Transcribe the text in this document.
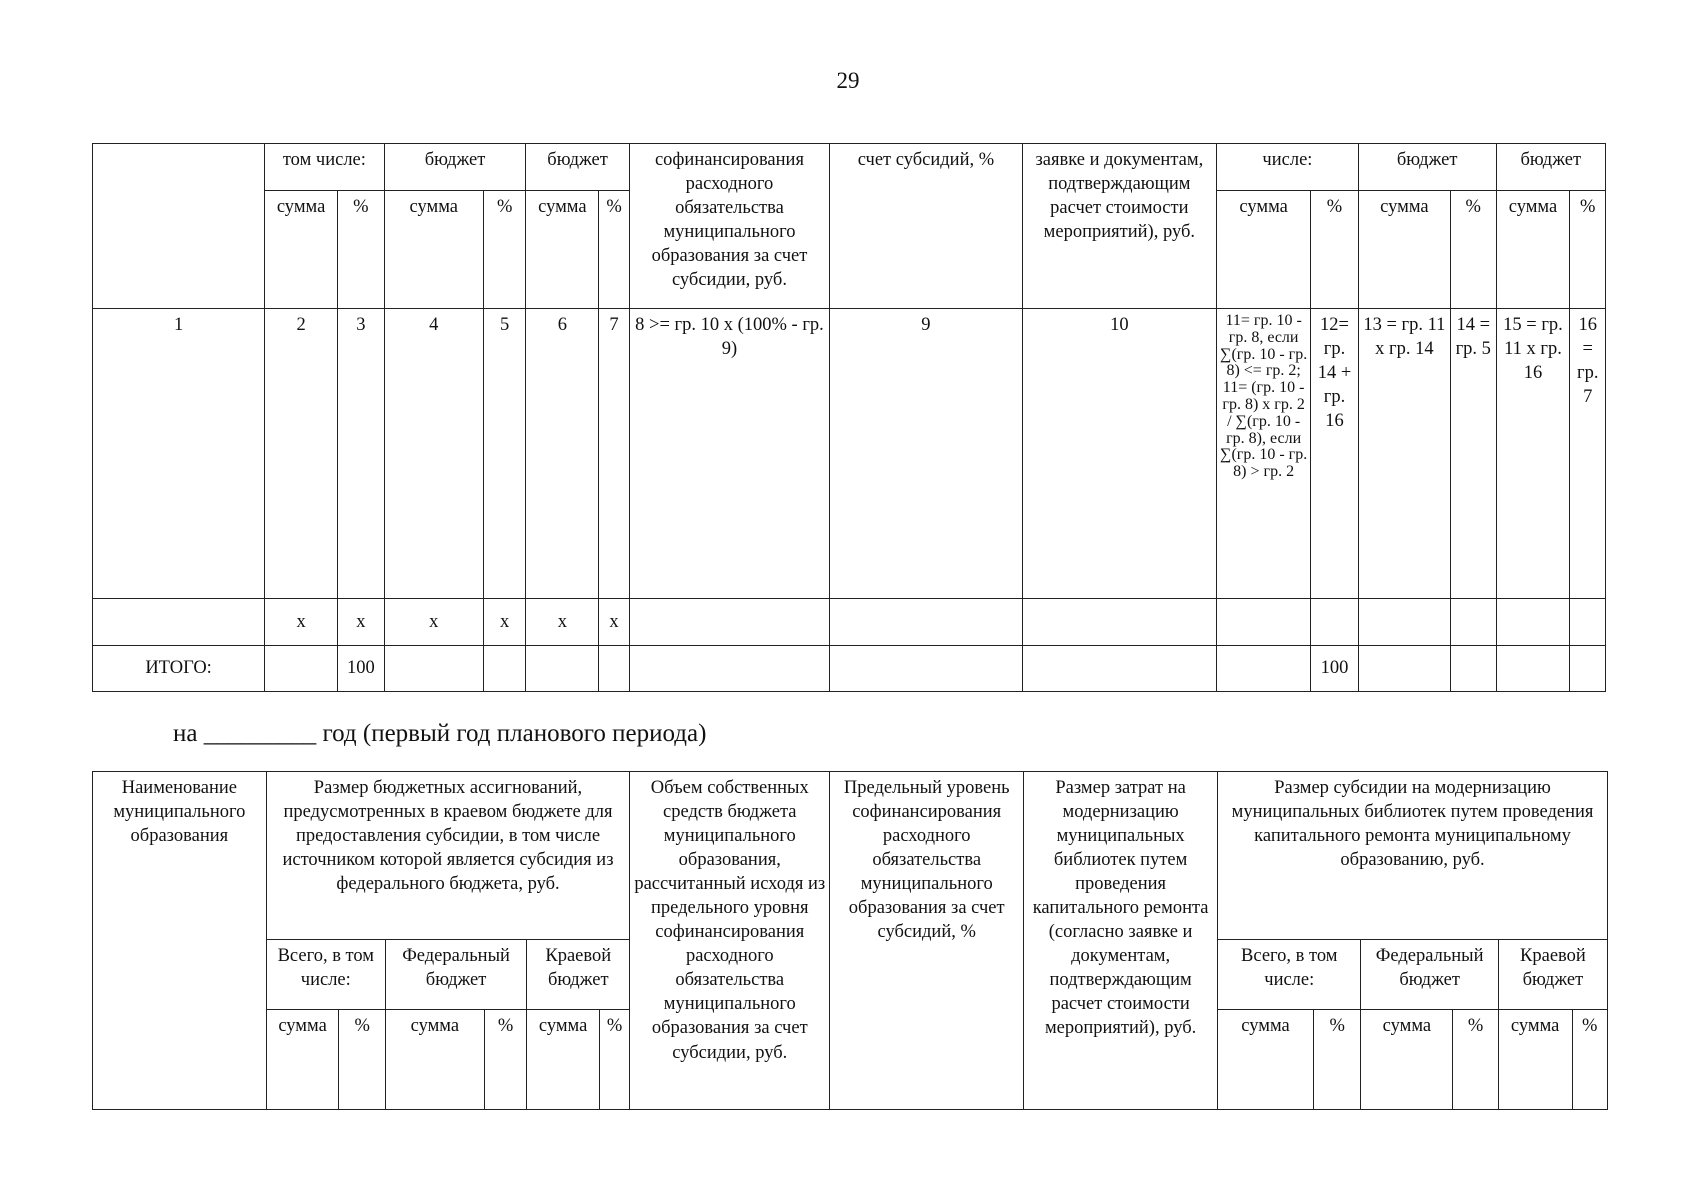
29
	том числе:		бюджет		бюджет		софинансирования расходного обязательства муниципального образования за счет субсидии, руб.	счет субсидий, %	заявке и документам, подтверждающим расчет стоимости мероприятий), руб.	числе:		бюджет		бюджет	
	сумма	%	сумма	%	сумма	%				сумма	%	сумма	%	сумма	%
1	2	3	4	5	6	7	8 >= гр. 10 x (100% - гр. 9)	9	10	11= гр. 10 - гр. 8, если ∑(гр. 10 - гр. 8) <= гр. 2; 11= (гр. 10 - гр. 8) x гр. 2 / ∑(гр. 10 - гр. 8), если ∑(гр. 10 - гр. 8) > гр. 2	12= гр. 14 + гр. 16	13 = гр. 11 x гр. 14	14 = гр. 5	15 = гр. 11 x гр. 16	16 = гр. 7
	x	x	x	x	x	x									
ИТОГО:		100									100				
на _________ год (первый год планового периода)
Наименование муниципального образования	Размер бюджетных ассигнований, предусмотренных в краевом бюджете для предоставления субсидии, в том числе источником которой является субсидия из федерального бюджета, руб.						Объем собственных средств бюджета муниципального образования, рассчитанный исходя из предельного уровня софинансирования расходного обязательства муниципального образования за счет субсидии, руб.	Предельный уровень софинансирования расходного обязательства муниципального образования за счет субсидий, %	Размер затрат на модернизацию муниципальных библиотек путем проведения капитального ремонта (согласно заявке и документам, подтверждающим расчет стоимости мероприятий), руб.	Размер субсидии на модернизацию муниципальных библиотек путем проведения капитального ремонта муниципальному образованию, руб.					
	Всего, в том числе:		Федеральный бюджет		Краевой бюджет					Всего, в том числе:		Федеральный бюджет		Краевой бюджет	
	сумма	%	сумма	%	сумма	%				сумма	%	сумма	%	сумма	%
